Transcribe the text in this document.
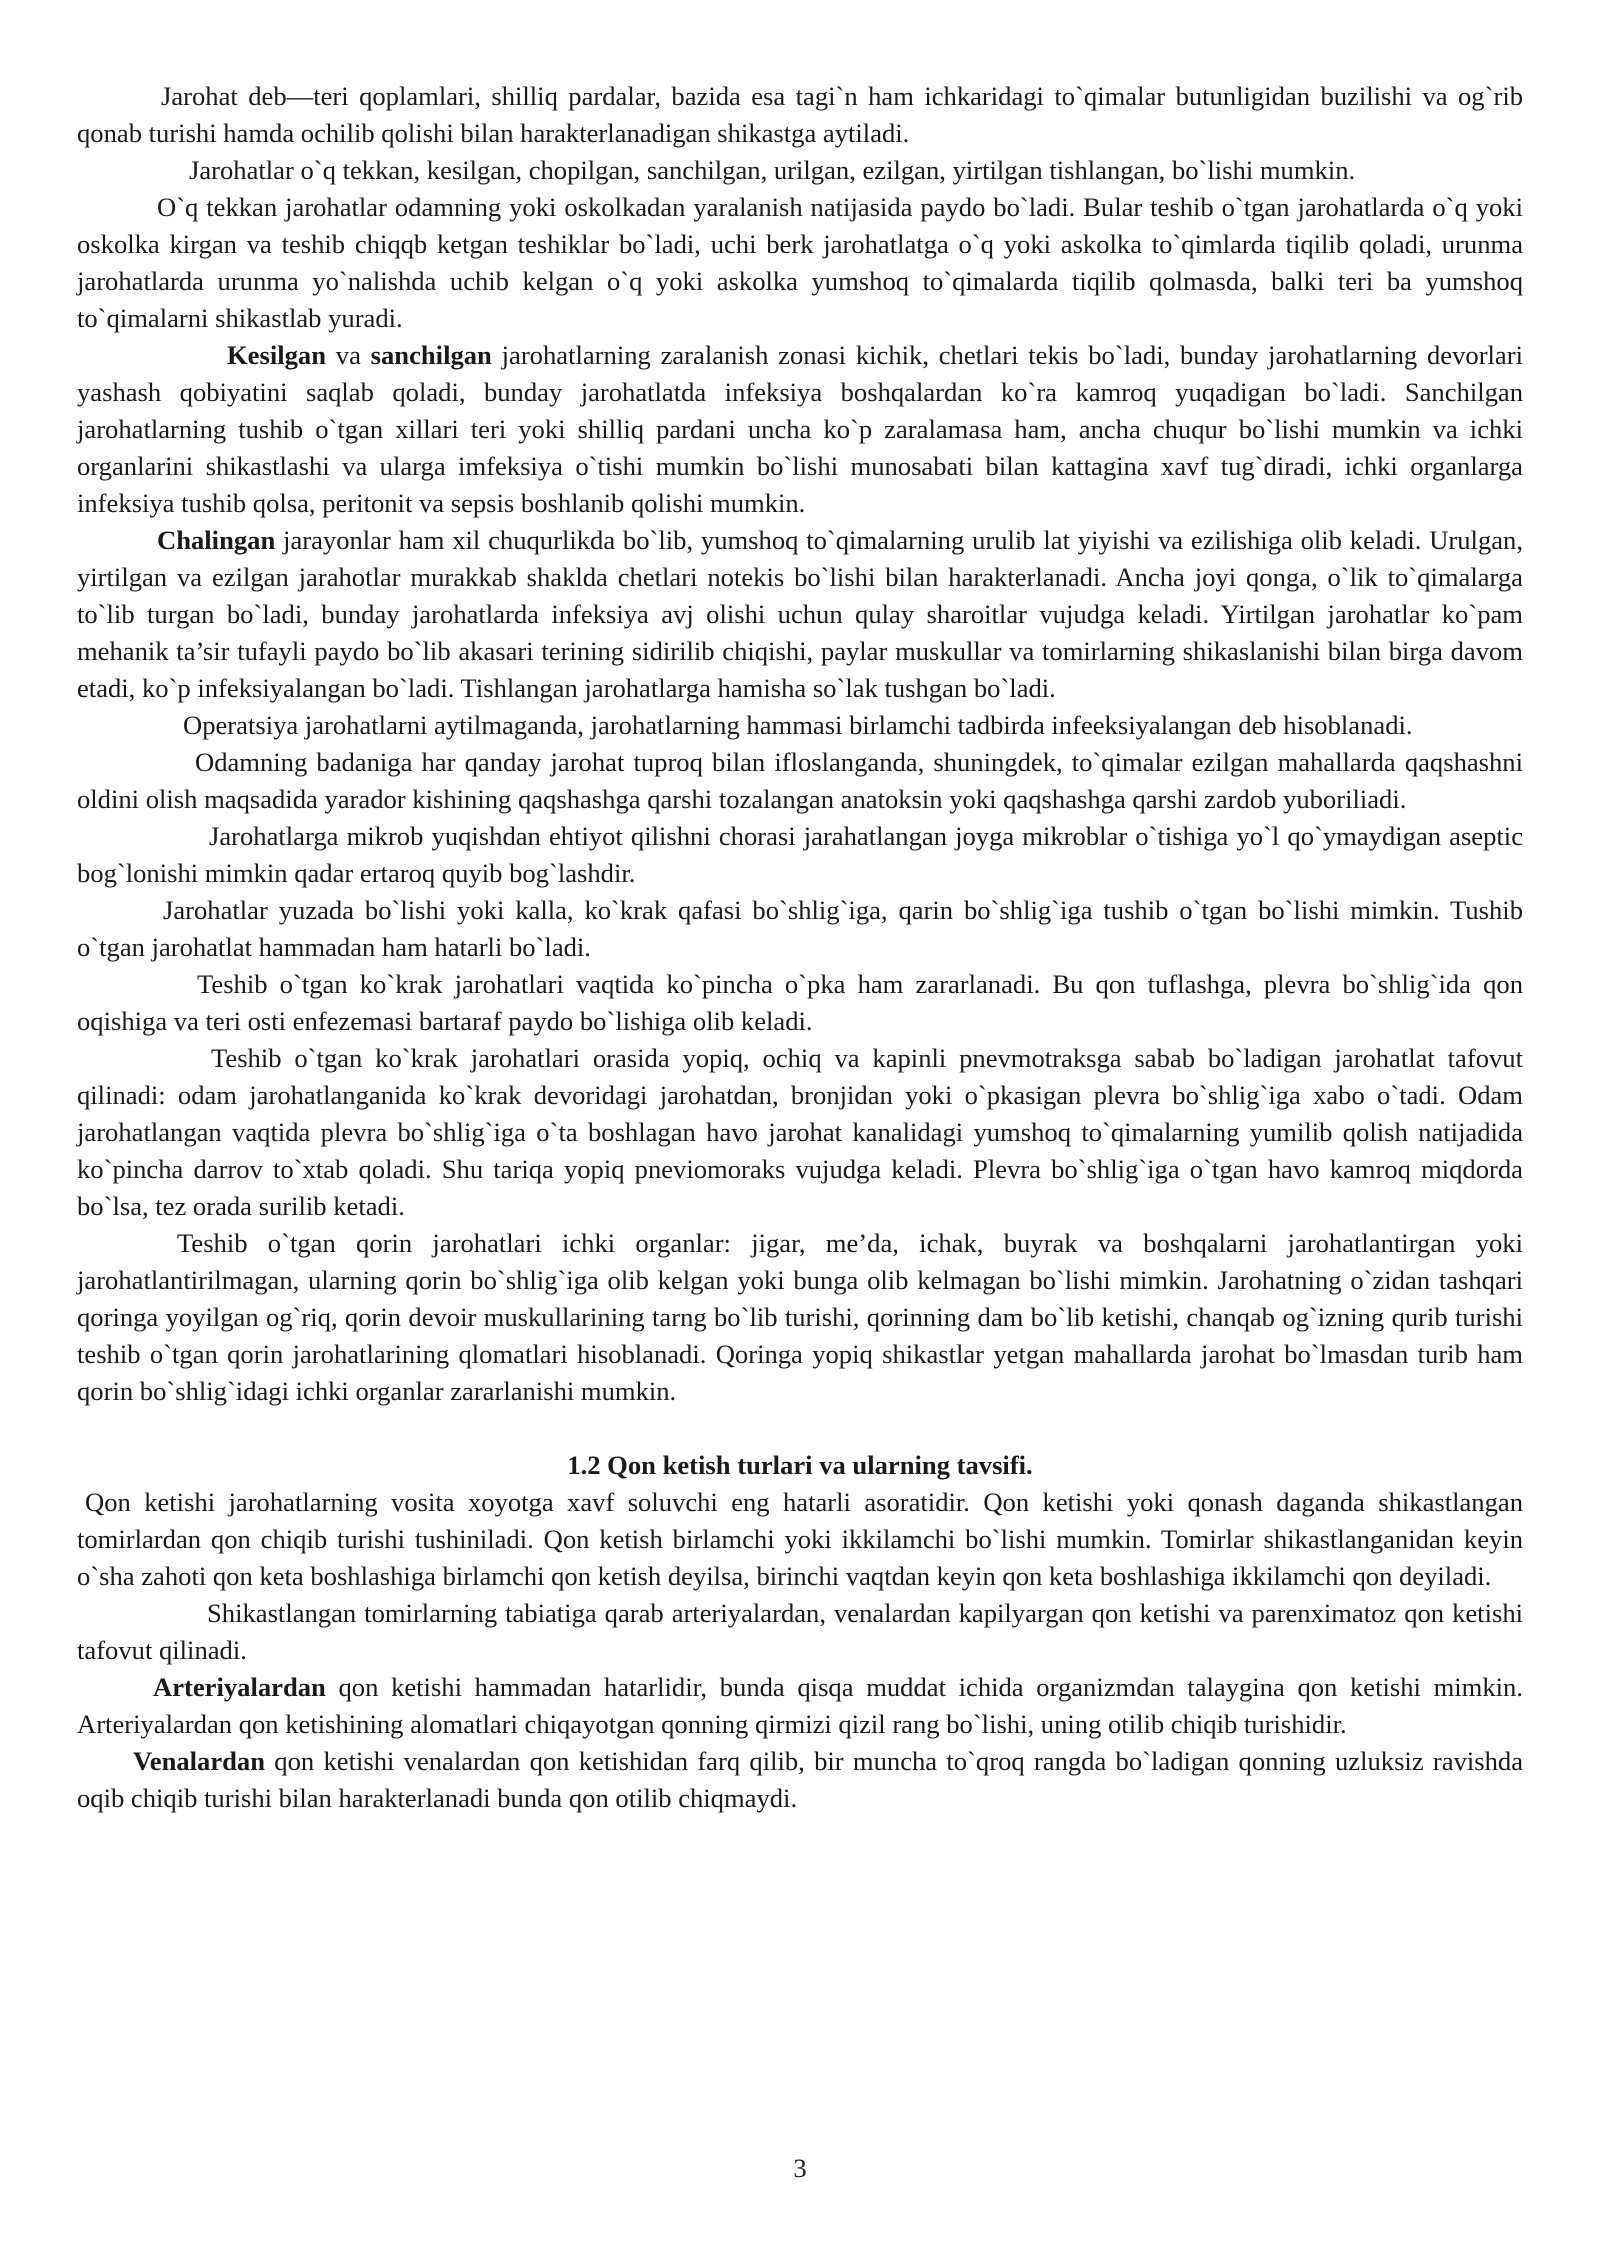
Jarohat deb—teri qoplamlari, shilliq pardalar, bazida esa tagi`n ham ichkaridagi to`qimalar butunligidan buzilishi va og`rib qonab turishi hamda ochilib qolishi bilan harakterlanadigan shikastga aytiladi.

Jarohatlar o`q tekkan, kesilgan, chopilgan, sanchilgan, urilgan, ezilgan, yirtilgan tishlangan, bo`lishi mumkin.

O`q tekkan jarohatlar odamning yoki oskolkadan yaralanish natijasida paydo bo`ladi. Bular teshib o`tgan jarohatlarda o`q yoki oskolka kirgan va teshib chiqqb ketgan teshiklar bo`ladi, uchi berk jarohatlatga o`q yoki askolka to`qimlarda tiqilib qoladi, urunma jarohatlarda urunma yo`nalishda uchib kelgan o`q yoki askolka yumshoq to`qimalarda tiqilib qolmasda, balki teri ba yumshoq to`qimalarni shikastlab yuradi.

Kesilgan va sanchilgan jarohatlarning zaralanish zonasi kichik, chetlari tekis bo`ladi, bunday jarohatlarning devorlari yashash qobiyatini saqlab qoladi, bunday jarohatlatda infeksiya boshqalardan ko`ra kamroq yuqadigan bo`ladi. Sanchilgan jarohatlarning tushib o`tgan xillari teri yoki shilliq pardani uncha ko`p zaralamasa ham, ancha chuqur bo`lishi mumkin va ichki organlarini shikastlashi va ularga imfeksiya o`tishi mumkin bo`lishi munosabati bilan kattagina xavf tug`diradi, ichki organlarga infeksiya tushib qolsa, peritonit va sepsis boshlanib qolishi mumkin.

Chalingan jarayonlar ham xil chuqurlikda bo`lib, yumshoq to`qimalarning urulib lat yiyishi va ezilishiga olib keladi. Urulgan, yirtilgan va ezilgan jarahotlar murakkab shaklda chetlari notekis bo`lishi bilan harakterlanadi. Ancha joyi qonga, o`lik to`qimalarga to`lib turgan bo`ladi, bunday jarohatlarda infeksiya avj olishi uchun qulay sharoitlar vujudga keladi. Yirtilgan jarohatlar ko`pam mehanik ta’sir tufayli paydo bo`lib akasari terining sidirilib chiqishi, paylar muskullar va tomirlarning shikaslanishi bilan birga davom etadi, ko`p infeksiyalangan bo`ladi. Tishlangan jarohatlarga hamisha so`lak tushgan bo`ladi.

Operatsiya jarohatlarni aytilmaganda, jarohatlarning hammasi birlamchi tadbirda infeeksiyalangan deb hisoblanadi.

Odamning badaniga har qanday jarohat tuproq bilan ifloslanganda, shuningdek, to`qimalar ezilgan mahallarda qaqshashni oldini olish maqsadida yarador kishining qaqshashga qarshi tozalangan anatoksin yoki qaqshashga qarshi zardob yuboriliadi.

Jarohatlarga mikrob yuqishdan ehtiyot qilishni chorasi jarahatlangan joyga mikroblar o`tishiga yo`l qo`ymaydigan aseptic bog`lonishi mimkin qadar ertaroq quyib bog`lashdir.

Jarohatlar yuzada bo`lishi yoki kalla, ko`krak qafasi bo`shlig`iga, qarin bo`shlig`iga tushib o`tgan bo`lishi mimkin. Tushib o`tgan jarohatlat hammadan ham hatarli bo`ladi.

Teshib o`tgan ko`krak jarohatlari vaqtida ko`pincha o`pka ham zararlanadi. Bu qon tuflashga, plevra bo`shlig`ida qon oqishiga va teri osti enfezemasi bartaraf paydo bo`lishiga olib keladi.

Teshib o`tgan ko`krak jarohatlari orasida yopiq, ochiq va kapinli pnevmotraksga sabab bo`ladigan jarohatlat tafovut qilinadi: odam jarohatlanganida ko`krak devoridagi jarohatdan, bronjidan yoki o`pkasigan plevra bo`shlig`iga xabo o`tadi. Odam jarohatlangan vaqtida plevra bo`shlig`iga o`ta boshlagan havo jarohat kanalidagi yumshoq to`qimalarning yumilib qolish natijadida ko`pincha darrov to`xtab qoladi. Shu tariqa yopiq pneviomoraks vujudga keladi. Plevra bo`shlig`iga o`tgan havo kamroq miqdorda bo`lsa, tez orada surilib ketadi.

Teshib o`tgan qorin jarohatlari ichki organlar: jigar, me’da, ichak, buyrak va boshqalarni jarohatlantirgan yoki jarohatlantirilmagan, ularning qorin bo`shlig`iga olib kelgan yoki bunga olib kelmagan bo`lishi mimkin. Jarohatning o`zidan tashqari qoringa yoyilgan og`riq, qorin devoir muskullarining tarng bo`lib turishi, qorinning dam bo`lib ketishi, chanqab og`izning qurib turishi teshib o`tgan qorin jarohatlarining qlomatlari hisoblanadi. Qoringa yopiq shikastlar yetgan mahallarda jarohat bo`lmasdan turib ham qorin bo`shlig`idagi ichki organlar zararlanishi mumkin.

1.2 Qon ketish turlari va ularning tavsifi.

Qon ketishi jarohatlarning vosita xoyotga xavf soluvchi eng hatarli asoratidir. Qon ketishi yoki qonash daganda shikastlangan tomirlardan qon chiqib turishi tushiniladi. Qon ketish birlamchi yoki ikkilamchi bo`lishi mumkin. Tomirlar shikastlanganidan keyin o`sha zahoti qon keta boshlashiga birlamchi qon ketish deyilsa, birinchi vaqtdan keyin qon keta boshlashiga ikkilamchi qon deyiladi.

Shikastlangan tomirlarning tabiatiga qarab arteriyalardan, venalardan kapilyargan qon ketishi va parenximatoz qon ketishi tafovut qilinadi.

Arteriyalardan qon ketishi hammadan hatarlidir, bunda qisqa muddat ichida organizmdan talaygina qon ketishi mimkin. Arteriyalardan qon ketishining alomatlari chiqayotgan qonning qirmizi qizil rang bo`lishi, uning otilib chiqib turishidir.

Venalardan qon ketishi venalardan qon ketishidan farq qilib, bir muncha to`qroq rangda bo`ladigan qonning uzluksiz ravishda oqib chiqib turishi bilan harakterlanadi bunda qon otilib chiqmaydi.

3
